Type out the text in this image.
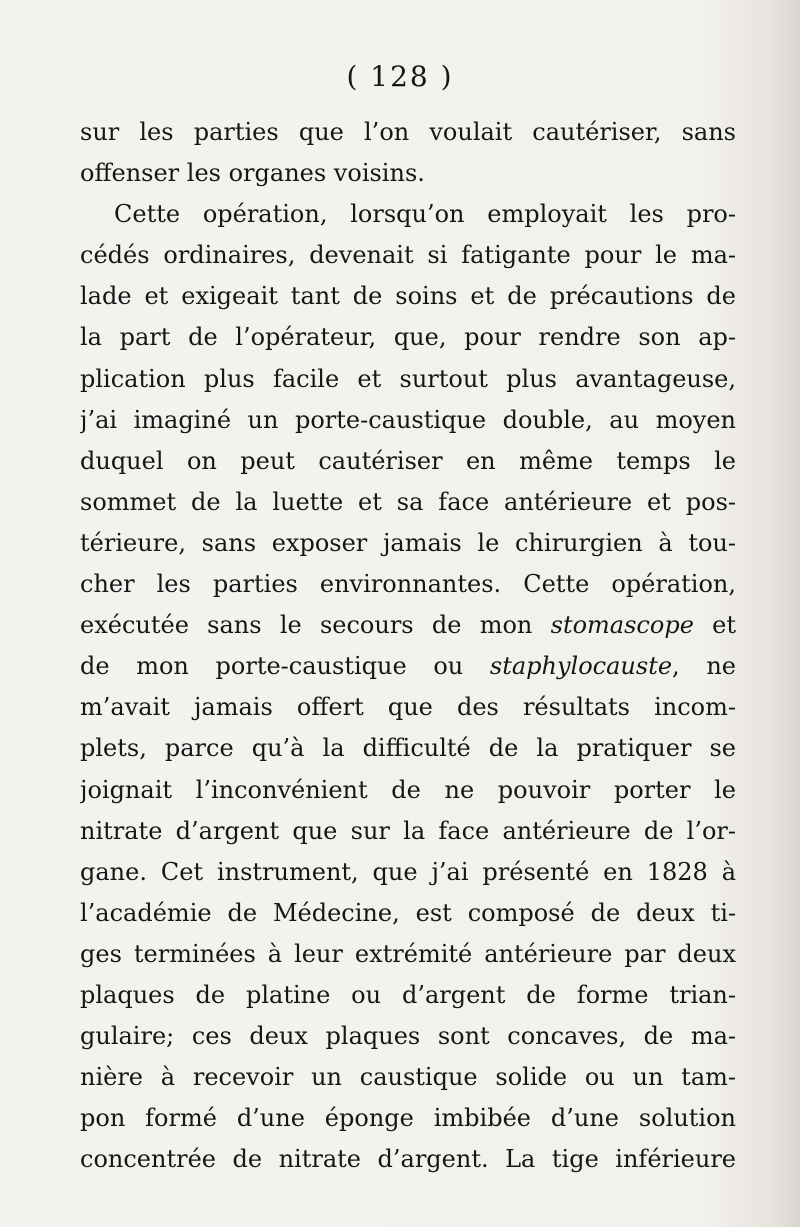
( 128 )
sur les parties que l’on voulait cautériser, sans
offenser les organes voisins.
Cette opération, lorsqu’on employait les pro-
cédés ordinaires, devenait si fatigante pour le ma-
lade et exigeait tant de soins et de précautions de
la part de l’opérateur, que, pour rendre son ap-
plication plus facile et surtout plus avantageuse,
j’ai imaginé un porte-caustique double, au moyen
duquel on peut cautériser en même temps le
sommet de la luette et sa face antérieure et pos-
térieure, sans exposer jamais le chirurgien à tou-
cher les parties environnantes. Cette opération,
exécutée sans le secours de mon stomascope et
de mon porte-caustique ou staphylocauste, ne
m’avait jamais offert que des résultats incom-
plets, parce qu’à la difficulté de la pratiquer se
joignait l’inconvénient de ne pouvoir porter le
nitrate d’argent que sur la face antérieure de l’or-
gane. Cet instrument, que j’ai présenté en 1828 à
l’académie de Médecine, est composé de deux ti-
ges terminées à leur extrémité antérieure par deux
plaques de platine ou d’argent de forme trian-
gulaire; ces deux plaques sont concaves, de ma-
nière à recevoir un caustique solide ou un tam-
pon formé d’une éponge imbibée d’une solution
concentrée de nitrate d’argent. La tige inférieure
